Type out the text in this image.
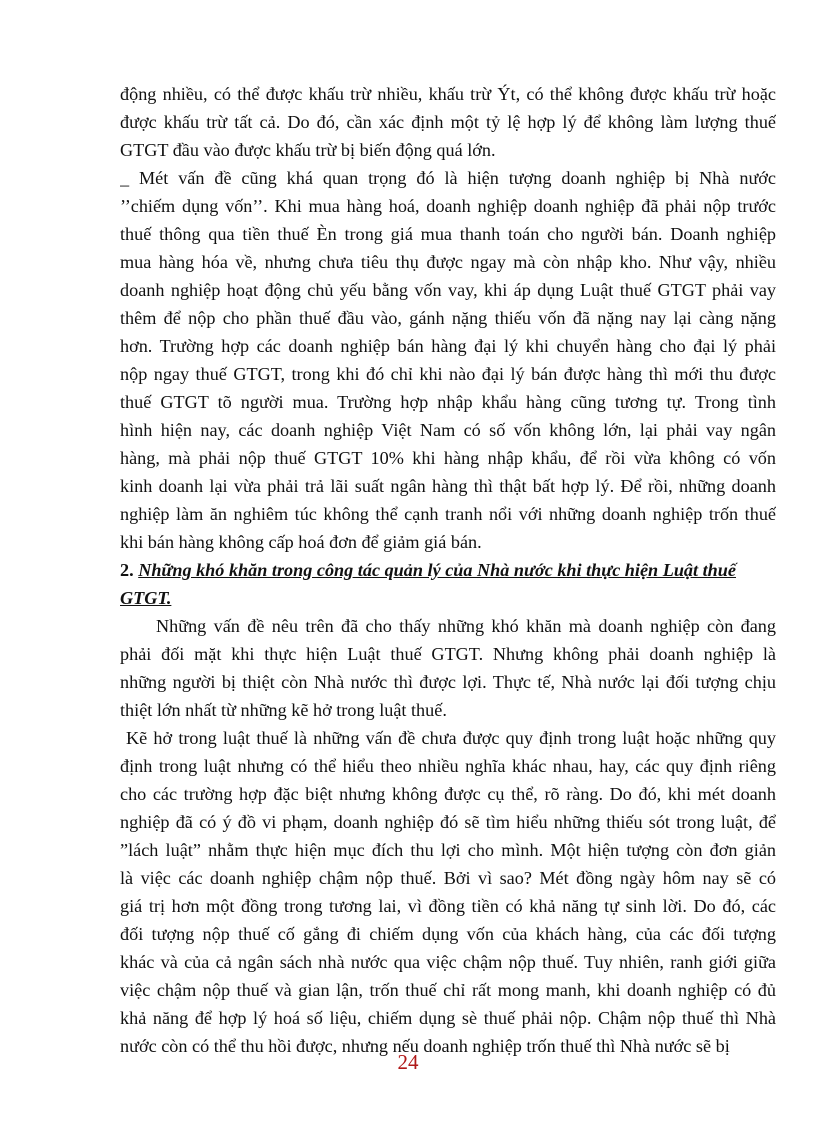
động nhiều, có thể được khấu trừ nhiều, khấu trừ Ýt, có thể không được khấu trừ hoặc
được khấu trừ tất cả. Do đó, cần xác định một tỷ lệ hợp lý để không làm lượng thuế
GTGT đầu vào được khấu trừ bị biến động quá lớn.
_ Mét vấn đề cũng khá quan trọng đó là hiện tượng doanh nghiệp bị Nhà nước
’’chiếm dụng vốn’’. Khi mua hàng hoá, doanh nghiệp doanh nghiệp đã phải nộp trước
thuế thông qua tiền thuế Èn trong giá mua thanh toán cho người bán. Doanh nghiệp
mua hàng hóa về, nhưng chưa tiêu thụ được ngay mà còn nhập kho. Như vậy, nhiều
doanh nghiệp hoạt động chủ yếu bằng vốn vay, khi áp dụng Luật thuế GTGT phải vay
thêm để nộp cho phần thuế đầu vào, gánh nặng thiếu vốn đã nặng nay lại càng nặng
hơn. Trường hợp các doanh nghiệp bán hàng đại lý khi chuyển hàng cho đại lý phải
nộp ngay thuế GTGT, trong khi đó chỉ khi nào đại lý bán được hàng thì mới thu được
thuế GTGT tõ người mua. Trường hợp nhập khẩu hàng cũng tương tự. Trong tình
hình hiện nay, các doanh nghiệp Việt Nam có số vốn không lớn, lại phải vay ngân
hàng, mà phải nộp thuế GTGT 10% khi hàng nhập khẩu, để rồi vừa không có vốn
kinh doanh lại vừa phải trả lãi suất ngân hàng thì thật bất hợp lý. Để rồi, những doanh
nghiệp làm ăn nghiêm túc không thể cạnh tranh nổi với những doanh nghiệp trốn thuế
khi bán hàng không cấp hoá đơn để giảm giá bán.
2. Những khó khăn trong công tác quản lý của Nhà nước khi thực hiện Luật thuế
GTGT.
Những vấn đề nêu trên đã cho thấy những khó khăn mà doanh nghiệp còn đang
phải đối mặt khi thực hiện Luật thuế GTGT. Nhưng không phải doanh nghiệp là
những người bị thiệt còn Nhà nước thì được lợi. Thực tế, Nhà nước lại đối tượng chịu
thiệt lớn nhất từ những kẽ hở trong luật thuế.
Kẽ hở trong luật thuế là những vấn đề chưa được quy định trong luật hoặc những quy
định trong luật nhưng có thể hiểu theo nhiều nghĩa khác nhau, hay, các quy định riêng
cho các trường hợp đặc biệt nhưng không được cụ thể, rõ ràng. Do đó, khi mét doanh
nghiệp đã có ý đồ vi phạm, doanh nghiệp đó sẽ tìm hiểu những thiếu sót trong luật, để
”lách luật” nhằm thực hiện mục đích thu lợi cho mình. Một hiện tượng còn đơn giản
là việc các doanh nghiệp chậm nộp thuế. Bởi vì sao? Mét đồng ngày hôm nay sẽ có
giá trị hơn một đồng trong tương lai, vì đồng tiền có khả năng tự sinh lời. Do đó, các
đối tượng nộp thuế cố gắng đi chiếm dụng vốn của khách hàng, của các đối tượng
khác và của cả ngân sách nhà nước qua việc chậm nộp thuế. Tuy nhiên, ranh giới giữa
việc chậm nộp thuế và gian lận, trốn thuế chỉ rất mong manh, khi doanh nghiệp có đủ
khả năng để hợp lý hoá số liệu, chiếm dụng sè thuế phải nộp. Chậm nộp thuế thì Nhà
nước còn có thể thu hồi được, nhưng nếu doanh nghiệp trốn thuế thì Nhà nước sẽ bị
24
